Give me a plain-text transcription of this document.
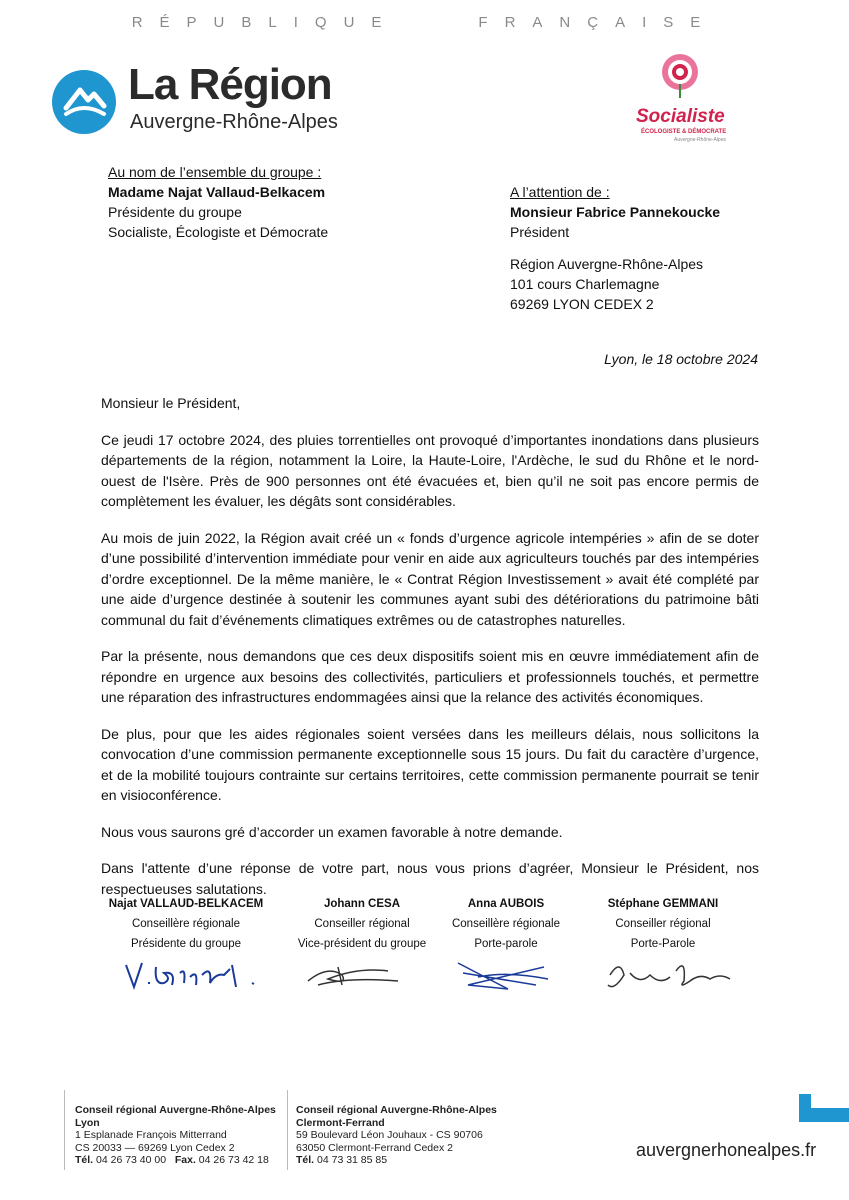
RÉPUBLIQUE	FRANÇAISE
La Région
Auvergne-Rhône-Alpes	Socialiste
ÉCOLOGISTE & DÉMOCRATE
Auvergne-Rhône-Alpes
Au nom de l’ensemble du groupe :
Madame Najat Vallaud-Belkacem
Présidente du groupe
Socialiste, Écologiste et Démocrate
A l’attention de :
Monsieur Fabrice Pannekoucke
Président
Région Auvergne-Rhône-Alpes
101 cours Charlemagne
69269 LYON CEDEX 2
Lyon, le 18 octobre 2024

Monsieur le Président,

Ce jeudi 17 octobre 2024, des pluies torrentielles ont provoqué d’importantes inondations dans plusieurs départements de la région, notamment la Loire, la Haute-Loire, l'Ardèche, le sud du Rhône et le nord-ouest de l'Isère. Près de 900 personnes ont été évacuées et, bien qu’il ne soit pas encore permis de complètement les évaluer, les dégâts sont considérables.

Au mois de juin 2022, la Région avait créé un « fonds d’urgence agricole intempéries » afin de se doter d’une possibilité d’intervention immédiate pour venir en aide aux agriculteurs touchés par des intempéries d’ordre exceptionnel. De la même manière, le « Contrat Région Investissement » avait été complété par une aide d’urgence destinée à soutenir les communes ayant subi des détériorations du patrimoine bâti communal du fait d’événements climatiques extrêmes ou de catastrophes naturelles.

Par la présente, nous demandons que ces deux dispositifs soient mis en œuvre immédiatement afin de répondre en urgence aux besoins des collectivités, particuliers et professionnels touchés, et permettre une réparation des infrastructures endommagées ainsi que la relance des activités économiques.

De plus, pour que les aides régionales soient versées dans les meilleurs délais, nous sollicitons la convocation d’une commission permanente exceptionnelle sous 15 jours. Du fait du caractère d’urgence, et de la mobilité toujours contrainte sur certains territoires, cette commission permanente pourrait se tenir en visioconférence.

Nous vous saurons gré d’accorder un examen favorable à notre demande.

Dans l'attente d’une réponse de votre part, nous vous prions d’agréer, Monsieur le Président, nos respectueuses salutations.

Najat VALLAUD-BELKACEM
Conseillère régionale
Présidente du groupe
Johann CESA
Conseiller régional
Vice-président du groupe
Anna AUBOIS
Conseillère régionale
Porte-parole
Stéphane GEMMANI
Conseiller régional
Porte-Parole
Conseil régional Auvergne-Rhône-Alpes
Lyon
1 Esplanade François Mitterrand
CS 20033 — 69269 Lyon Cedex 2
Tél. 04 26 73 40 00 Fax. 04 26 73 42 18
Conseil régional Auvergne-Rhône-Alpes
Clermont-Ferrand
59 Boulevard Léon Jouhaux - CS 90706
63050 Clermont-Ferrand Cedex 2
Tél. 04 73 31 85 85	auvergnerhonealpes.fr
